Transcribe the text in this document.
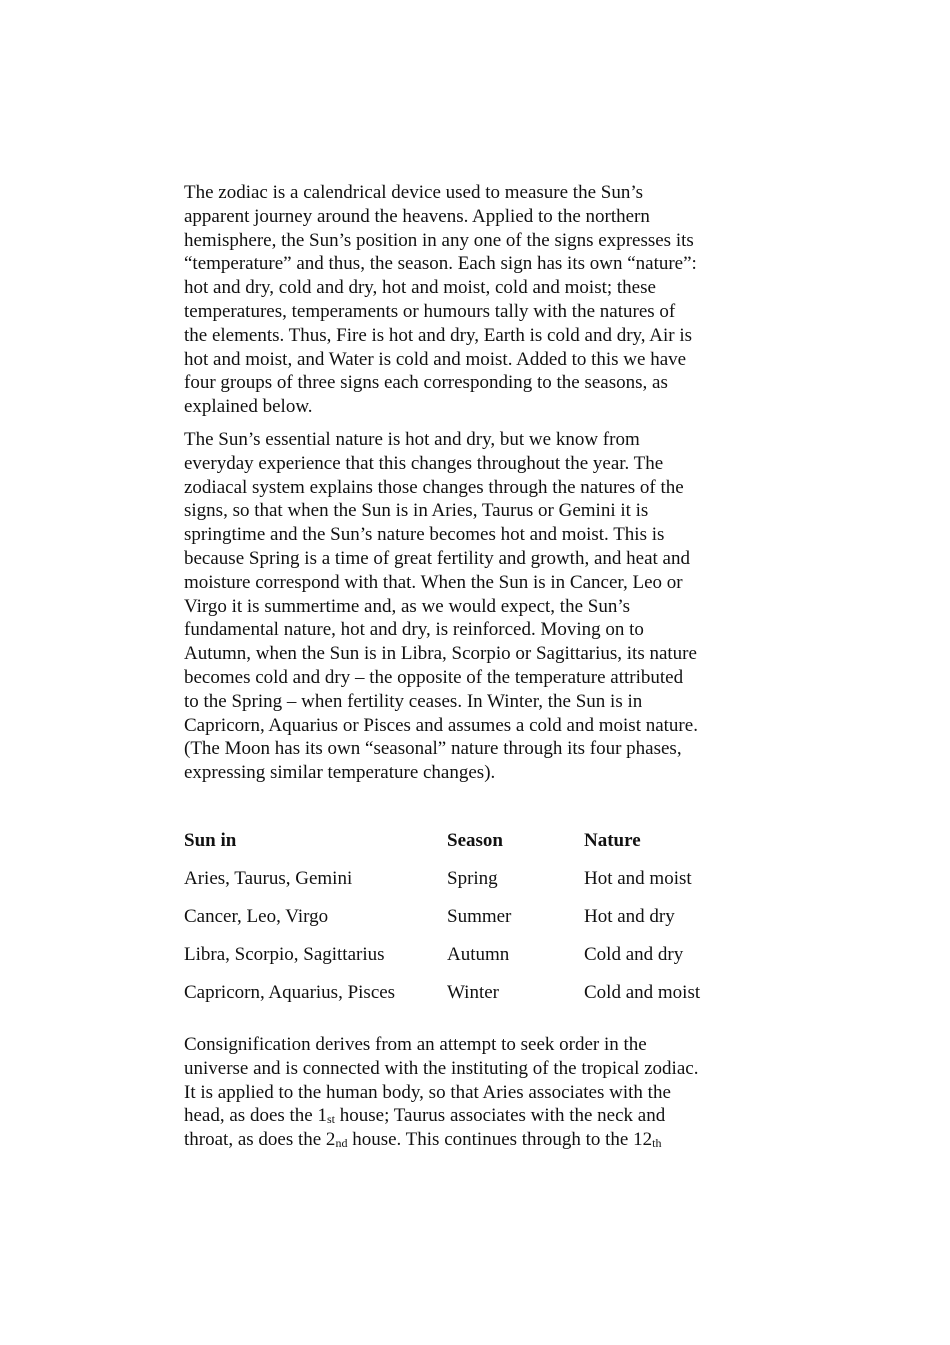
The zodiac is a calendrical device used to measure the Sun’s
apparent journey around the heavens. Applied to the northern
hemisphere, the Sun’s position in any one of the signs expresses its
“temperature” and thus, the season. Each sign has its own “nature”:
hot and dry, cold and dry, hot and moist, cold and moist; these
temperatures, temperaments or humours tally with the natures of
the elements. Thus, Fire is hot and dry, Earth is cold and dry, Air is
hot and moist, and Water is cold and moist. Added to this we have
four groups of three signs each corresponding to the seasons, as
explained below.

The Sun’s essential nature is hot and dry, but we know from
everyday experience that this changes throughout the year. The
zodiacal system explains those changes through the natures of the
signs, so that when the Sun is in Aries, Taurus or Gemini it is
springtime and the Sun’s nature becomes hot and moist. This is
because Spring is a time of great fertility and growth, and heat and
moisture correspond with that. When the Sun is in Cancer, Leo or
Virgo it is summertime and, as we would expect, the Sun’s
fundamental nature, hot and dry, is reinforced. Moving on to
Autumn, when the Sun is in Libra, Scorpio or Sagittarius, its nature
becomes cold and dry – the opposite of the temperature attributed
to the Spring – when fertility ceases. In Winter, the Sun is in
Capricorn, Aquarius or Pisces and assumes a cold and moist nature.
(The Moon has its own “seasonal” nature through its four phases,
expressing similar temperature changes).

Sun in	Season	Nature
Aries, Taurus, Gemini	Spring	Hot and moist
Cancer, Leo, Virgo	Summer	Hot and dry
Libra, Scorpio, Sagittarius	Autumn	Cold and dry
Capricorn, Aquarius, Pisces	Winter	Cold and moist

Consignification derives from an attempt to seek order in the
universe and is connected with the instituting of the tropical zodiac.
It is applied to the human body, so that Aries associates with the
head, as does the $1_{st}$ house; Taurus associates with the neck and
throat, as does the $2_{nd}$ house. This continues through to the $12_{th}$
